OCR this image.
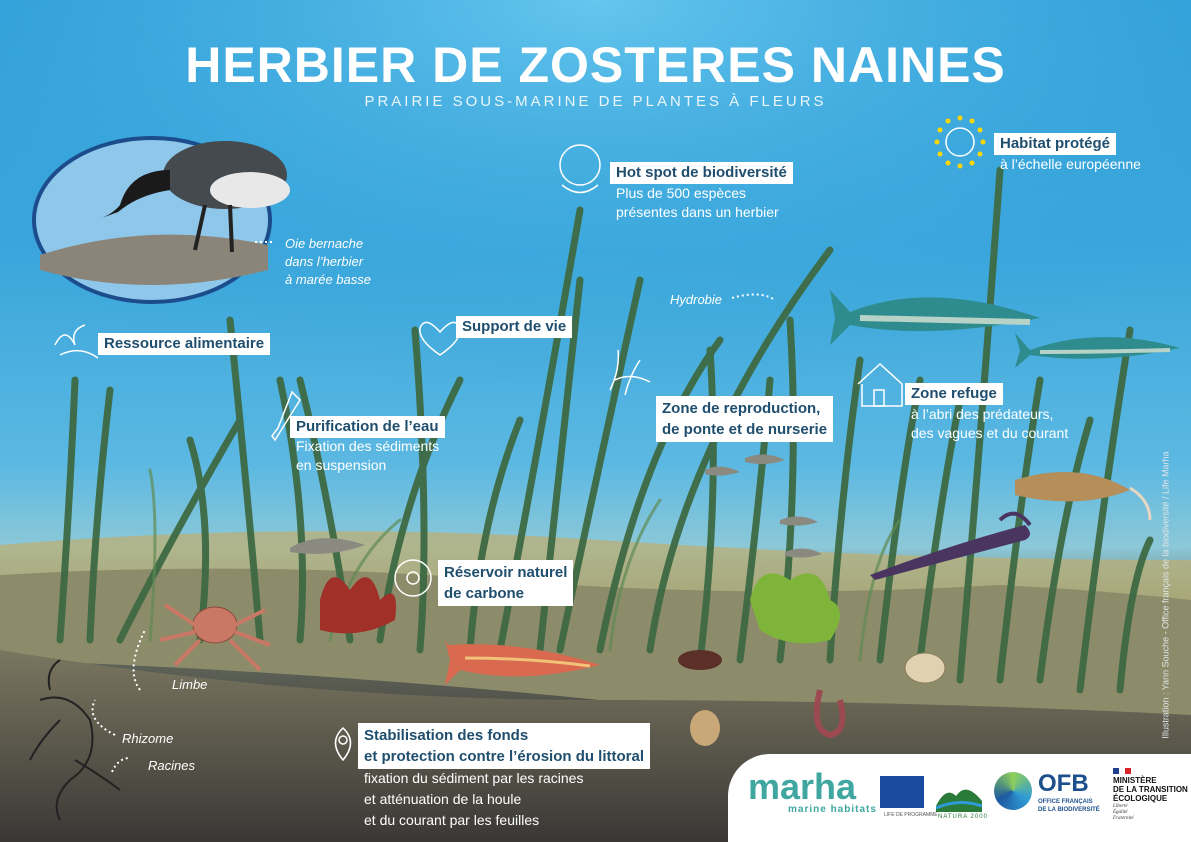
HERBIER DE ZOSTERES NAINES
PRAIRIE SOUS-MARINE DE PLANTES À FLEURS
Hot spot de biodiversité
Plus de 500 espèces
présentes dans un herbier
Habitat protégé
à l’échelle européenne
Ressource alimentaire
Support de vie
Purification de l’eau
Fixation des sédiments
en suspension
Zone de reproduction,
de ponte et de nurserie
Zone refuge
à l’abri des prédateurs,
des vagues et du courant
Réservoir naturel
de carbone
Stabilisation des fonds
et protection contre l’érosion du littoral
fixation du sédiment par les racines
et atténuation de la houle
et du courant par les feuilles
Oie bernache
dans l’herbier
à marée basse
Hydrobie
Limbe
Rhizome
Racines
Illustration : Yann Souche - Office français de la biodiversité / Life Marha
marha
marine habitats LIFE DE PROGRAMME NATURA 2000
OFB
OFFICE FRANÇAIS
DE LA BIODIVERSITÉ
MINISTÈRE
DE LA TRANSITION
ÉCOLOGIQUE
Liberté
Égalité
Fraternité
